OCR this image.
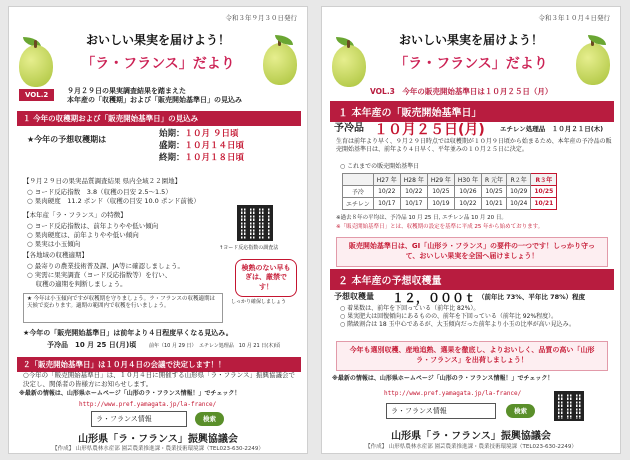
令和３年９月３０日発行
おいしい果実を届けよう！
「ラ・フランス」だより
VOL.2	９月２９日の果実調査結果を踏まえた
本年産の「収穫期」および「販売開始基準日」の見込み
１ 今年の収穫期および「販売開始基準日」の見込み
★今年の予想収穫期は
始期：１０月 ９日頃
盛期：１０月１４日頃
終期：１０月１８日頃
【９月２９日の果実品質調査結果 県内全域２２園地】
○ ヨード反応指数　3.8（収穫の目安 2.5～1.5）
○ 果肉硬度　11.2 ポンド（収穫の目安 10.0 ポンド前後）
【本年産「ラ・フランス」の特徴】
○ ヨード反応指数は、前年よりやや低い傾向
○ 果肉硬度は、前年よりやや低い傾向
○ 果実は小玉傾向
↑ヨード反応指数の調査法
【各地域の収穫適期】
○ 最寄りの農業技術普及課、JA等に確認しましょう。
○ 実需に果実調査（ヨード反応指数等）を行い、
　 収穫の適期を判断しましょう。
検熟のない早もぎは、厳禁です！
しっかり確保しましょう
★ 今年は小玉傾向ですが収穫期を守りましょう。ラ・フランスの収穫適期は天候で変わります。適期の範囲内で収穫を行いましょう。
★今年の「販売開始基準日」は前年より４日程度早くなる見込み。
予冷品　10 月 25 日(月)頃	前年（10 月 29 日）　エチレン処理品　10 月 21 日(木)頃
２「販売開始基準日」は１０月４日の会議で決定します！！
○今年の「販売開始基準日」は、１０月４日に開催する山形県「ラ・フランス」振興協議会で決定し、関係者の皆様方にお知らせします。
※最新の情報は、山形県ホームページ「山形のラ・フランス情報！」でチェック！
http://www.pref.yamagata.jp/la-france/
ラ・フランス情報	検索
山形県「ラ・フランス」振興協議会
【作成】 山形県農林水産部 園芸農業推進課・農業技術環境課（TEL023-630-2249）
令和３年１０月４日発行
おいしい果実を届けよう！
「ラ・フランス」だより
VOL.3　今年の販売開始基準日は１０月２５日（月）
１ 本年産の「販売開始基準日」
予冷品 １０月２５日(月) エチレン処理品　１０月２１日(木)
生育は前年より早く、９月２９日時点では収穫期が１０月９日頃から始まるため、本年産の予冷品の販売開始基準日は、前年より４日早く、平年並みの１０月２５日に決定。
○ これまでの販売開始基準日
	H27 年	H28 年	H29 年	H30 年	R 元年	R２年	R３年
予冷	10/22	10/22	10/25	10/26	10/25	10/29	10/25
エチレン	10/17	10/17	10/19	10/22	10/21	10/24	10/21
※過去８年の平均は、予冷品 10 月 25 日, エチレン品 10 月 20 日。
※「販売開始基準日」とは、収穫期の設定を基準に平成 25 年から始めております。
販売開始基準日は、GI「山形ラ・フランス」の要件の一つです！しっかり守って、おいしい果実を全国へ届けましょう！
２ 本年産の予想収穫量
予想収穫量 １２，０００ｔ （前年比 73%、平年比 78%）程度
○ 着果数は、前年を下回っている（前年比 82%）。
○ 果実肥大は回復傾向にあるものの、前年を下回っている（前年比 92%程度）。
○ 階級割合は 18 玉中心であるが、大玉傾向だった前年より小玉の比率が高い見込み。
今年も選別収穫、産地追熟、選果を徹底し、よりおいしく、品質の高い「山形ラ・フランス」を出荷しましょう！
※最新の情報は、山形県ホームページ「山形のラ・フランス情報！」でチェック！
http://www.pref.yamagata.jp/la-france/
ラ・フランス情報	検索
山形県「ラ・フランス」振興協議会
【作成】 山形県農林水産部 園芸農業推進課・農業技術環境課（TEL023-630-2249）
